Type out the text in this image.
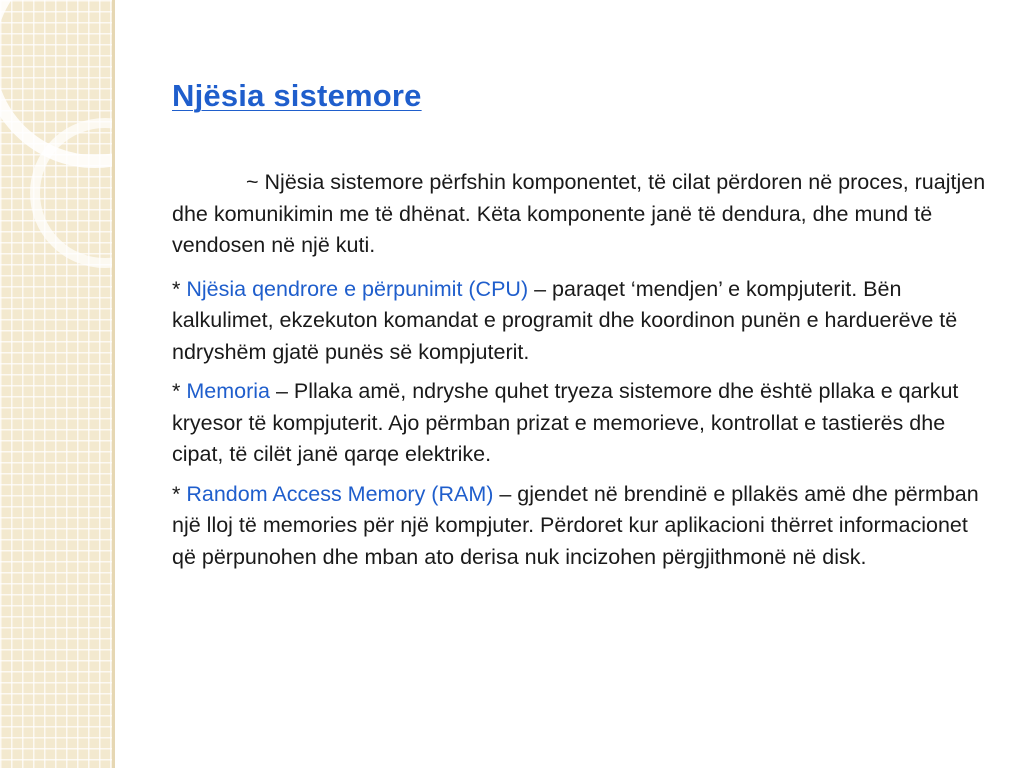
Njësia sistemore

~ Njësia sistemore përfshin komponentet, të cilat përdoren në proces, ruajtjen dhe komunikimin me të dhënat. Këta komponente janë të dendura, dhe mund të vendosen në një kuti.

* Njësia qendrore e përpunimit (CPU) – paraqet ‘mendjen’ e kompjuterit. Bën kalkulimet, ekzekuton komandat e programit dhe koordinon punën e harduerëve të ndryshëm gjatë punës së kompjuterit.

* Memoria – Pllaka amë, ndryshe quhet tryeza sistemore dhe është pllaka e qarkut kryesor të kompjuterit. Ajo përmban prizat e memorieve, kontrollat e tastierës dhe cipat, të cilët janë qarqe elektrike.

* Random Access Memory (RAM) – gjendet në brendinë e pllakës amë dhe përmban një lloj të memories për një kompjuter. Përdoret kur aplikacioni thërret informacionet që përpunohen dhe mban ato derisa nuk incizohen përgjithmonë në disk.
